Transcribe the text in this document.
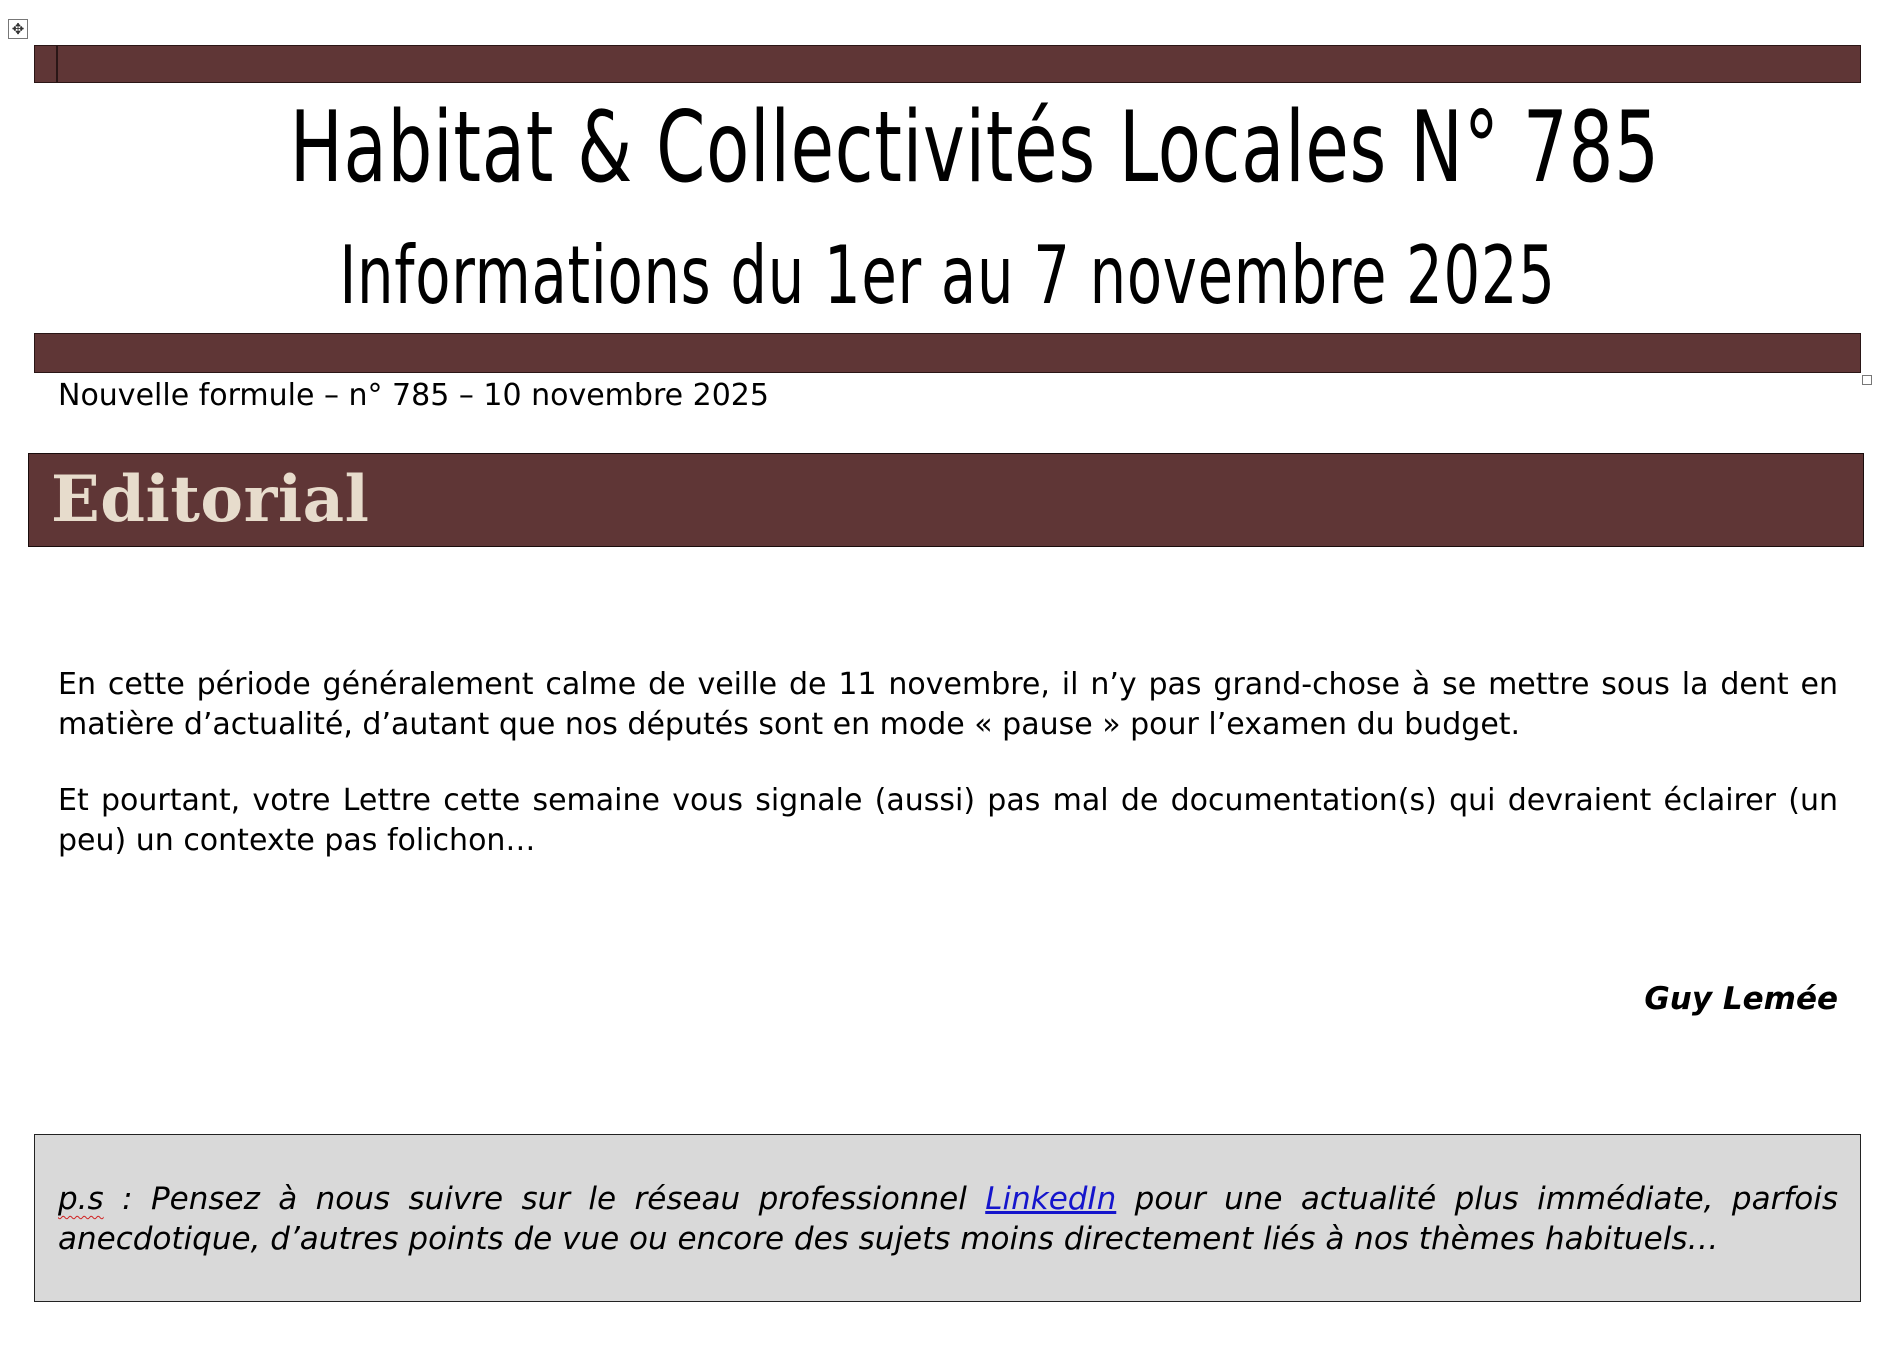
✥
Habitat & Collectivités Locales N° 785
Informations du 1er au 7 novembre 2025
Nouvelle formule – n° 785 – 10 novembre 2025
Editorial

En cette période généralement calme de veille de 11 novembre, il n’y pas grand-chose à se mettre sous la dent en matière d’actualité, d’autant que nos députés sont en mode « pause » pour l’examen du budget.

Et pourtant, votre Lettre cette semaine vous signale (aussi) pas mal de documentation(s) qui devraient éclairer (un peu) un contexte pas folichon…

Guy Lemée
p.s : Pensez à nous suivre sur le réseau professionnel LinkedIn pour une actualité plus immédiate, parfois anecdotique, d’autres points de vue ou encore des sujets moins directement liés à nos thèmes habituels…
